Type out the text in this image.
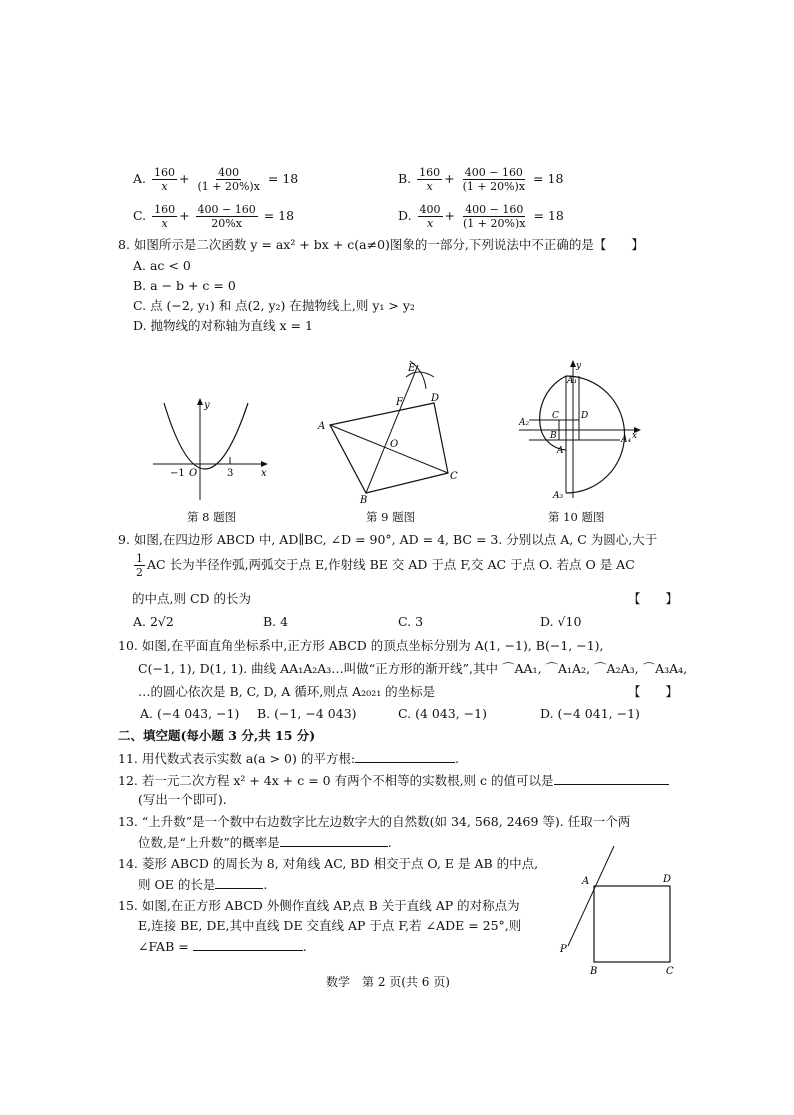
A. $\frac{160}{x} + \frac{400}{(1 + 20\%)x} = 18$	B. $\frac{160}{x} + \frac{400 - 160}{(1 + 20\%)x} = 18$
C. $\frac{160}{x} + \frac{400 - 160}{20\%x} = 18$	D. $\frac{400}{x} + \frac{400 - 160}{(1 + 20\%)x} = 18$
8. 如图所示是二次函数 y = ax² + bx + c(a≠0)图象的一部分,下列说法中不正确的是【　　】
A. ac < 0
B. a − b + c = 0
C. 点 (−2, y₁) 和 点(2, y₂) 在抛物线上,则 y₁ > y₂
D. 抛物线的对称轴为直线 x = 1
y
−1 O	3	x
第 8 题图
E
F	D
A
O
B
C
第 9 题图
y
A₁
A₂
C D
B
A
A₄ x
A₃
第 10 题图
9. 如图,在四边形 ABCD 中, AD∥BC, ∠D = 90°, AD = 4, BC = 3. 分别以点 A, C 为圆心,大于
$\frac{1}{2}$ AC 长为半径作弧,两弧交于点 E,作射线 BE 交 AD 于点 F,交 AC 于点 O. 若点 O 是 AC
的中点,则 CD 的长为	【　　】
A. 2√2	B. 4	C. 3	D. √10
10. 如图,在平面直角坐标系中,正方形 ABCD 的顶点坐标分别为 A(1, −1), B(−1, −1),
C(−1, 1), D(1, 1). 曲线 AA₁A₂A₃…叫做“正方形的渐开线”,其中 ⌒AA₁, ⌒A₁A₂, ⌒A₂A₃, ⌒A₃A₄,
…的圆心依次是 B, C, D, A 循环,则点 A₂₀₂₁ 的坐标是	【　　】
A. (−4 043, −1) B. (−1, −4 043)	C. (4 043, −1)	D. (−4 041, −1)
二、填空题(每小题 3 分,共 15 分)
11. 用代数式表示实数 a(a > 0) 的平方根:	.
12. 若一元二次方程 x² + 4x + c = 0 有两个不相等的实数根,则 c 的值可以是
(写出一个即可).
13. “上升数”是一个数中右边数字比左边数字大的自然数(如 34, 568, 2469 等). 任取一个两
位数,是“上升数”的概率是	.
14. 菱形 ABCD 的周长为 8, 对角线 AC, BD 相交于点 O, E 是 AB 的中点,
则 OE 的长是	.
15. 如图,在正方形 ABCD 外侧作直线 AP,点 B 关于直线 AP 的对称点为
E,连接 BE, DE,其中直线 DE 交直线 AP 于点 F,若 ∠ADE = 25°,则
∠FAB =	.
A	D
P
B	C
数学　第 2 页(共 6 页)
